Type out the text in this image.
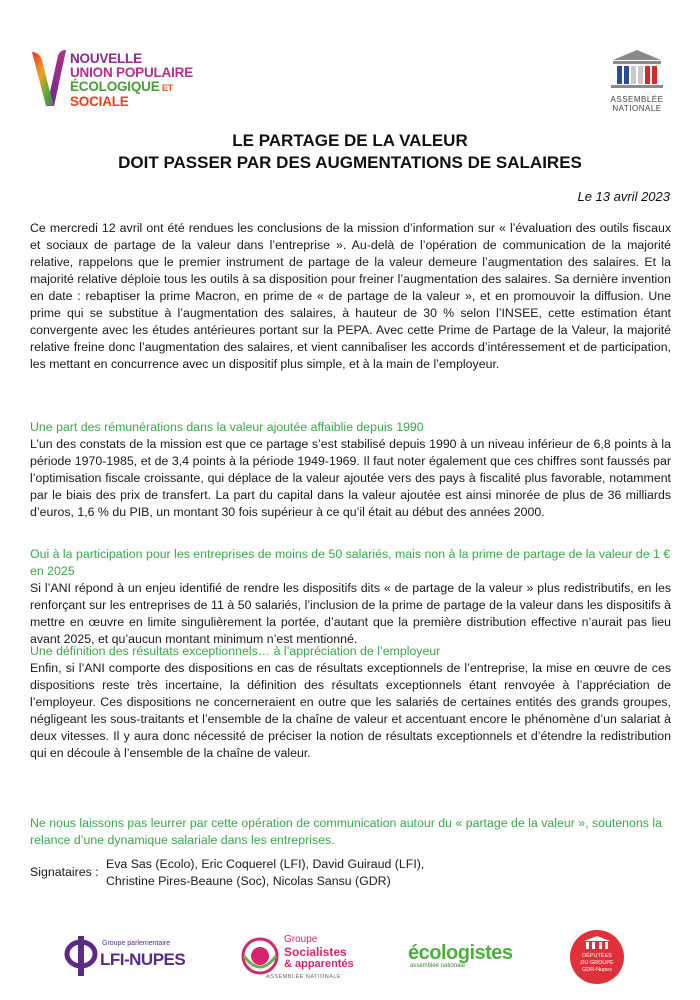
NOUVELLE
UNION POPULAIRE
ÉCOLOGIQUE ET SOCIALE	ASSEMBLÉE
NATIONALE
LE PARTAGE DE LA VALEUR
DOIT PASSER PAR DES AUGMENTATIONS DE SALAIRES
Le 13 avril 2023
Ce mercredi 12 avril ont été rendues les conclusions de la mission d’information sur « l’évaluation des outils fiscaux et sociaux de partage de la valeur dans l’entreprise ». Au-delà de l’opération de communication de la majorité relative, rappelons que le premier instrument de partage de la valeur demeure l’augmentation des salaires. Et la majorité relative déploie tous les outils à sa disposition pour freiner l’augmentation des salaires. Sa dernière invention en date : rebaptiser la prime Macron, en prime de « de partage de la valeur », et en promouvoir la diffusion. Une prime qui se substitue à l’augmentation des salaires, à hauteur de 30 % selon l’INSEE, cette estimation étant convergente avec les études antérieures portant sur la PEPA. Avec cette Prime de Partage de la Valeur, la majorité relative freine donc l’augmentation des salaires, et vient cannibaliser les accords d’intéressement et de participation, les mettant en concurrence avec un dispositif plus simple, et à la main de l’employeur.
Une part des rémunérations dans la valeur ajoutée affaiblie depuis 1990
L’un des constats de la mission est que ce partage s’est stabilisé depuis 1990 à un niveau inférieur de 6,8 points à la période 1970-1985, et de 3,4 points à la période 1949-1969. Il faut noter également que ces chiffres sont faussés par l’optimisation fiscale croissante, qui déplace de la valeur ajoutée vers des pays à fiscalité plus favorable, notamment par le biais des prix de transfert. La part du capital dans la valeur ajoutée est ainsi minorée de plus de 36 milliards d’euros, 1,6 % du PIB, un montant 30 fois supérieur à ce qu’il était au début des années 2000.
Oui à la participation pour les entreprises de moins de 50 salariés, mais non à la prime de partage de la valeur de 1 € en 2025
Si l’ANI répond à un enjeu identifié de rendre les dispositifs dits « de partage de la valeur » plus redistributifs, en les renforçant sur les entreprises de 11 à 50 salariés, l’inclusion de la prime de partage de la valeur dans les dispositifs à mettre en œuvre en limite singulièrement la portée, d’autant que la première distribution effective n’aurait pas lieu avant 2025, et qu’aucun montant minimum n’est mentionné.
Une définition des résultats exceptionnels… à l’appréciation de l’employeur
Enfin, si l’ANI comporte des dispositions en cas de résultats exceptionnels de l’entreprise, la mise en œuvre de ces dispositions reste très incertaine, la définition des résultats exceptionnels étant renvoyée à l’appréciation de l’employeur. Ces dispositions ne concerneraient en outre que les salariés de certaines entités des grands groupes, négligeant les sous-traitants et l’ensemble de la chaîne de valeur et accentuant encore le phénomène d’un salariat à deux vitesses. Il y aura donc nécessité de préciser la notion de résultats exceptionnels et d’étendre la redistribution qui en découle à l’ensemble de la chaîne de valeur.
Ne nous laissons pas leurrer par cette opération de communication autour du « partage de la valeur », soutenons la relance d’une dynamique salariale dans les entreprises.
Signataires :
Eva Sas (Ecolo), Eric Coquerel (LFI), David Guiraud (LFI),
Christine Pires-Beaune (Soc), Nicolas Sansu (GDR)
Groupe parlementaire
LFI-NUPES
Groupe
Socialistes
& apparentés
ASSEMBLÉE NATIONALE
écologistes
assemblée nationale
DÉPUTÉES
DU GROUPE
GDR-Nupes
